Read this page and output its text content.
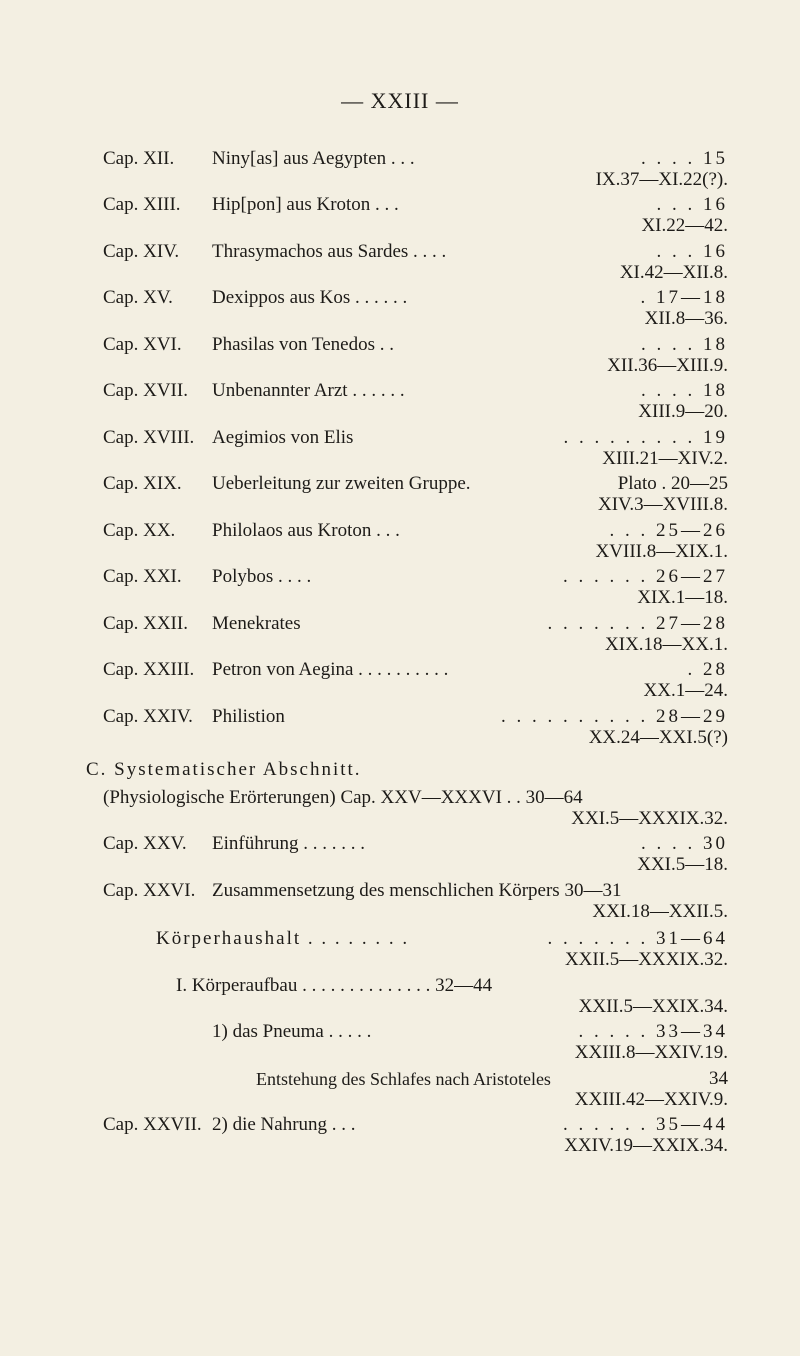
— XXIII —
Cap. XII. Niny[as] aus Aegypten . . .	. . . . 15
IX.37—XI.22(?).
Cap. XIII. Hip[pon] aus Kroton . . .	. . . 16
XI.22—42.
Cap. XIV. Thrasymachos aus Sardes . . . .	. . . 16
XI.42—XII.8.
Cap. XV. Dexippos aus Kos . . . . . .	. 17—18
XII.8—36.
Cap. XVI. Phasilas von Tenedos . .	. . . . 18
XII.36—XIII.9.
Cap. XVII. Unbenannter Arzt . . . . . .	. . . . 18
XIII.9—20.
Cap. XVIII. Aegimios von Elis	. . . . . . . . . 19
XIII.21—XIV.2.
Cap. XIX. Ueberleitung zur zweiten Gruppe.	Plato . 20—25
XIV.3—XVIII.8.
Cap. XX. Philolaos aus Kroton . . .	. . . 25—26
XVIII.8—XIX.1.
Cap. XXI. Polybos . . . .	. . . . . . 26—27
XIX.1—18.
Cap. XXII. Menekrates	. . . . . . . 27—28
XIX.18—XX.1.
Cap. XXIII. Petron von Aegina . . . . . . . . . .	. 28
XX.1—24.
Cap. XXIV. Philistion	. . . . . . . . . . 28—29
XX.24—XXI.5(?)
C. Systematischer Abschnitt.
(Physiologische Erörterungen) Cap. XXV—XXXVI . . 30—64
XXI.5—XXXIX.32.
Cap. XXV. Einführung . . . . . . .	. . . . 30
XXI.5—18.
Cap. XXVI. Zusammensetzung des menschlichen Körpers 30—31
XXI.18—XXII.5.
Körperhaushalt . . . . . . . .	. . . . . . . 31—64
XXII.5—XXXIX.32.
I. Körperaufbau . . . . . . . . . . . . . . 32—44
XXII.5—XXIX.34.
1) das Pneuma . . . . .	. . . . . 33—34
XXIII.8—XXIV.19.
Entstehung des Schlafes nach Aristoteles	34
XXIII.42—XXIV.9.
Cap. XXVII. 2) die Nahrung . . .	. . . . . . 35—44
XXIV.19—XXIX.34.
